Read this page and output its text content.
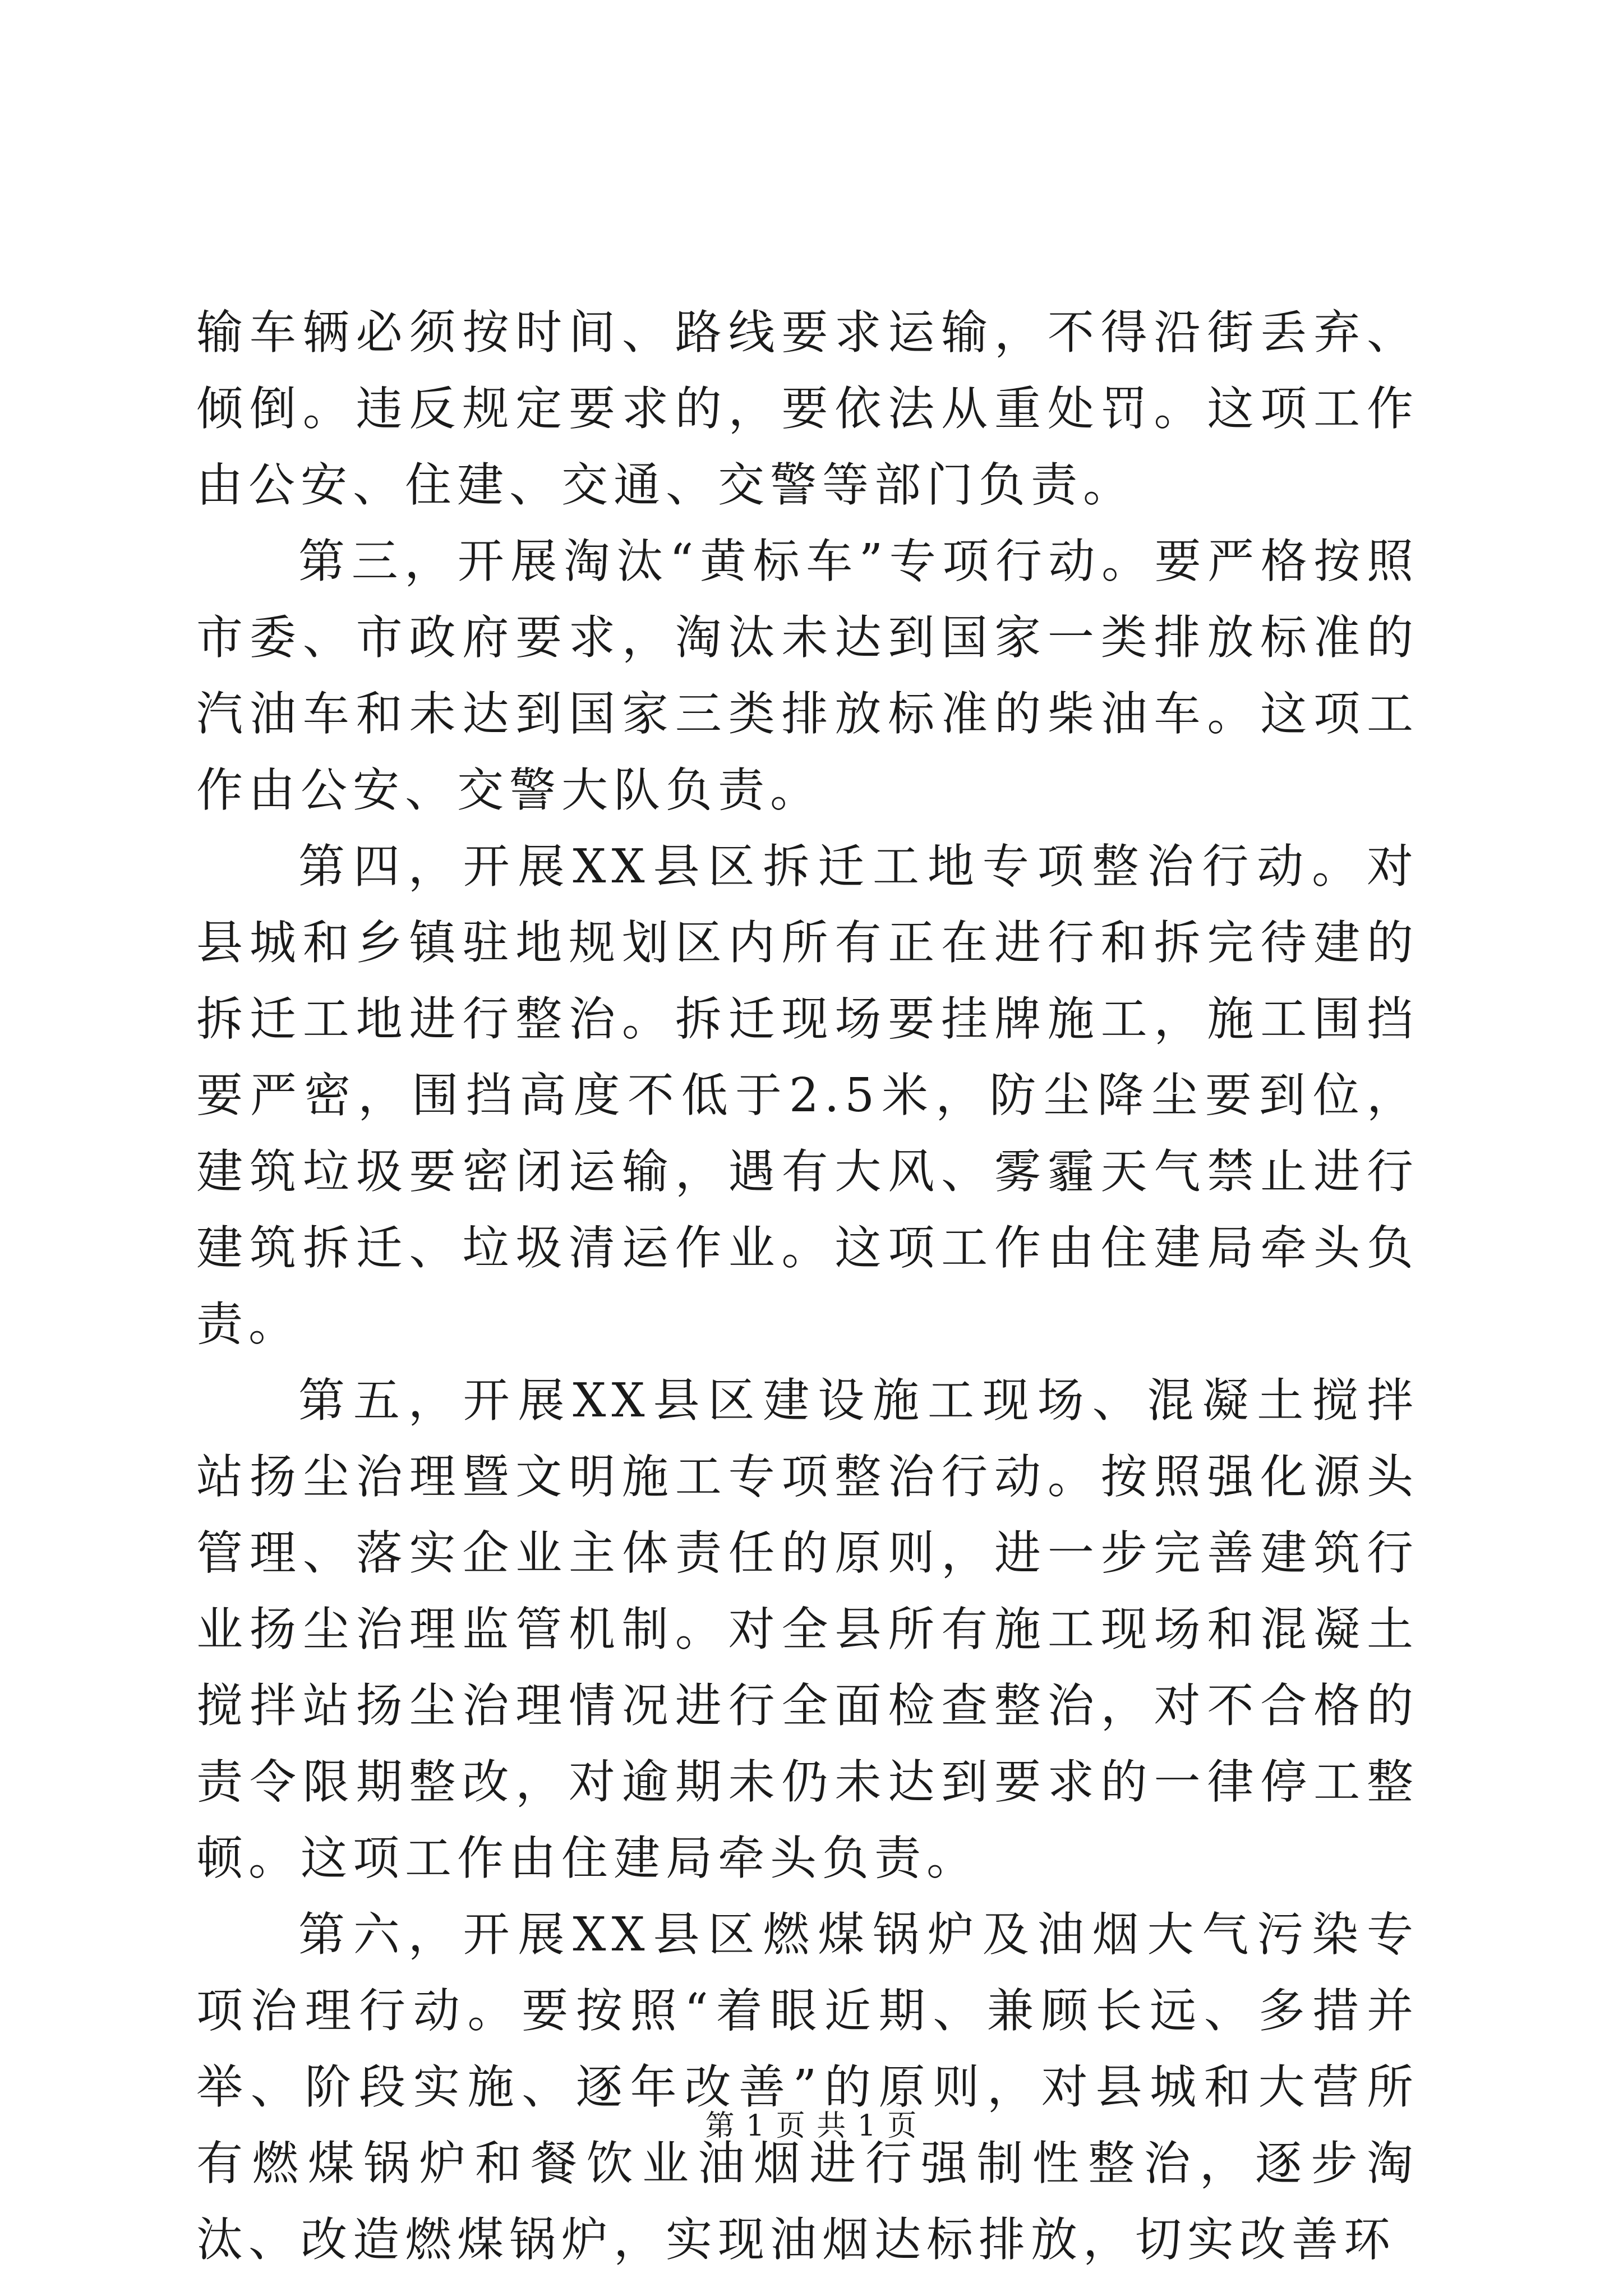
输车辆必须按时间、路线要求运输，不得沿街丢弃、倾倒。违反规定要求的，要依法从重处罚。这项工作由公安、住建、交通、交警等部门负责。

第三，开展淘汰“黄标车”专项行动。要严格按照市委、市政府要求，淘汰未达到国家一类排放标准的汽油车和未达到国家三类排放标准的柴油车。这项工作由公安、交警大队负责。

第四，开展XX县区拆迁工地专项整治行动。对县城和乡镇驻地规划区内所有正在进行和拆完待建的拆迁工地进行整治。拆迁现场要挂牌施工，施工围挡要严密，围挡高度不低于2.5米，防尘降尘要到位，建筑垃圾要密闭运输，遇有大风、雾霾天气禁止进行建筑拆迁、垃圾清运作业。这项工作由住建局牵头负责。

第五，开展XX县区建设施工现场、混凝土搅拌站扬尘治理暨文明施工专项整治行动。按照强化源头管理、落实企业主体责任的原则，进一步完善建筑行业扬尘治理监管机制。对全县所有施工现场和混凝土搅拌站扬尘治理情况进行全面检查整治，对不合格的责令限期整改，对逾期未仍未达到要求的一律停工整顿。这项工作由住建局牵头负责。

第六，开展XX县区燃煤锅炉及油烟大气污染专项治理行动。要按照“着眼近期、兼顾长远、多措并举、阶段实施、逐年改善”的原则，对县城和大营所有燃煤锅炉和餐饮业油烟进行强制性整治，逐步淘汰、改造燃煤锅炉，实现油烟达标排放，切实改善环

第 1 页 共 1 页
